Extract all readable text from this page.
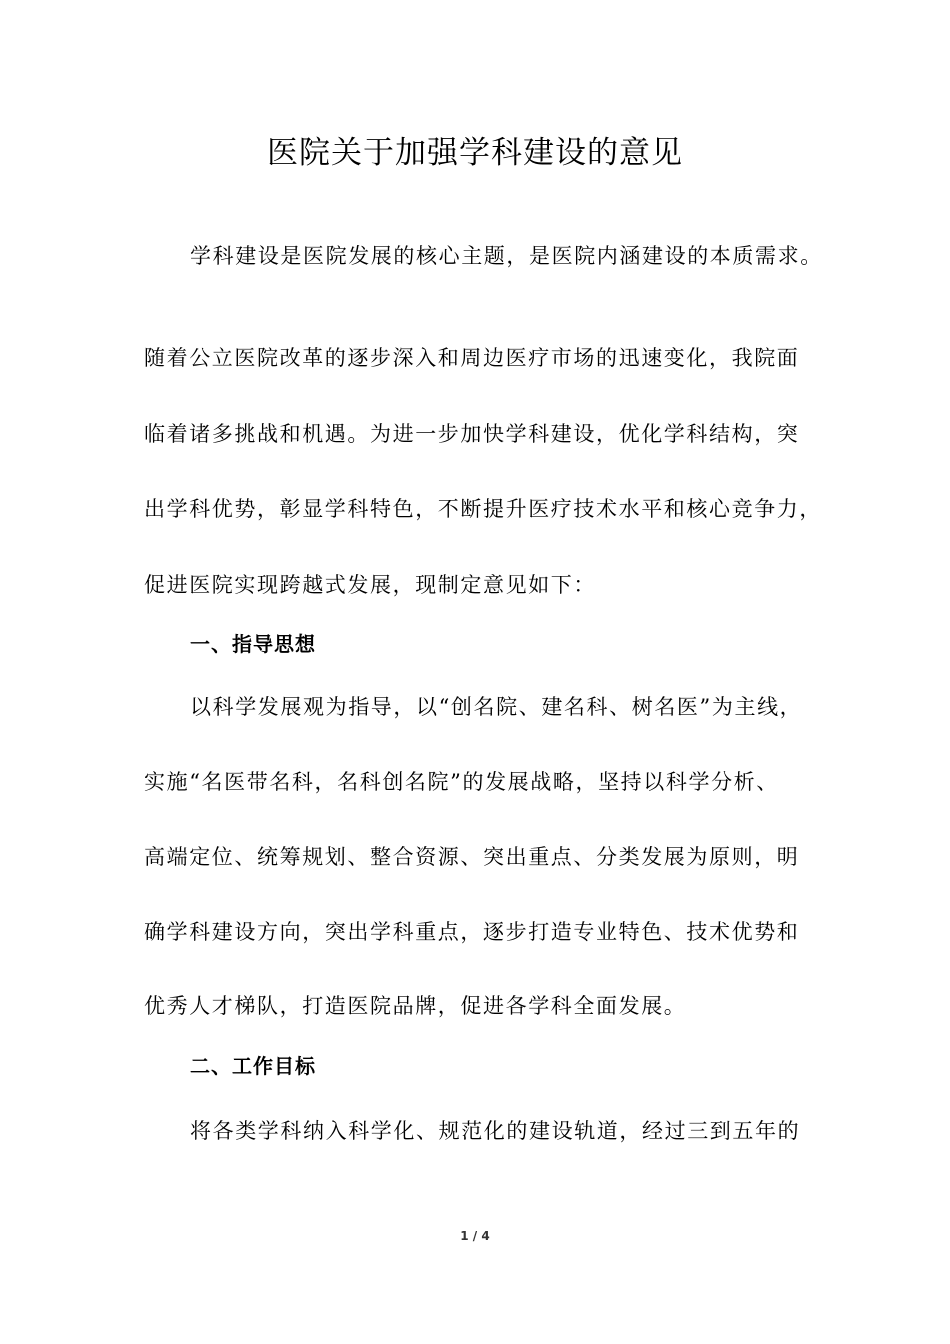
医院关于加强学科建设的意见
学科建设是医院发展的核心主题，是医院内涵建设的本质需求。
随着公立医院改革的逐步深入和周边医疗市场的迅速变化，我院面
临着诸多挑战和机遇。为进一步加快学科建设，优化学科结构，突
出学科优势，彰显学科特色，不断提升医疗技术水平和核心竞争力，
促进医院实现跨越式发展，现制定意见如下：
一、指导思想
以科学发展观为指导，以“创名院、建名科、树名医”为主线，
实施“名医带名科，名科创名院”的发展战略，坚持以科学分析、
高端定位、统筹规划、整合资源、突出重点、分类发展为原则，明
确学科建设方向，突出学科重点，逐步打造专业特色、技术优势和
优秀人才梯队，打造医院品牌，促进各学科全面发展。
二、工作目标
将各类学科纳入科学化、规范化的建设轨道，经过三到五年的
1 / 4
